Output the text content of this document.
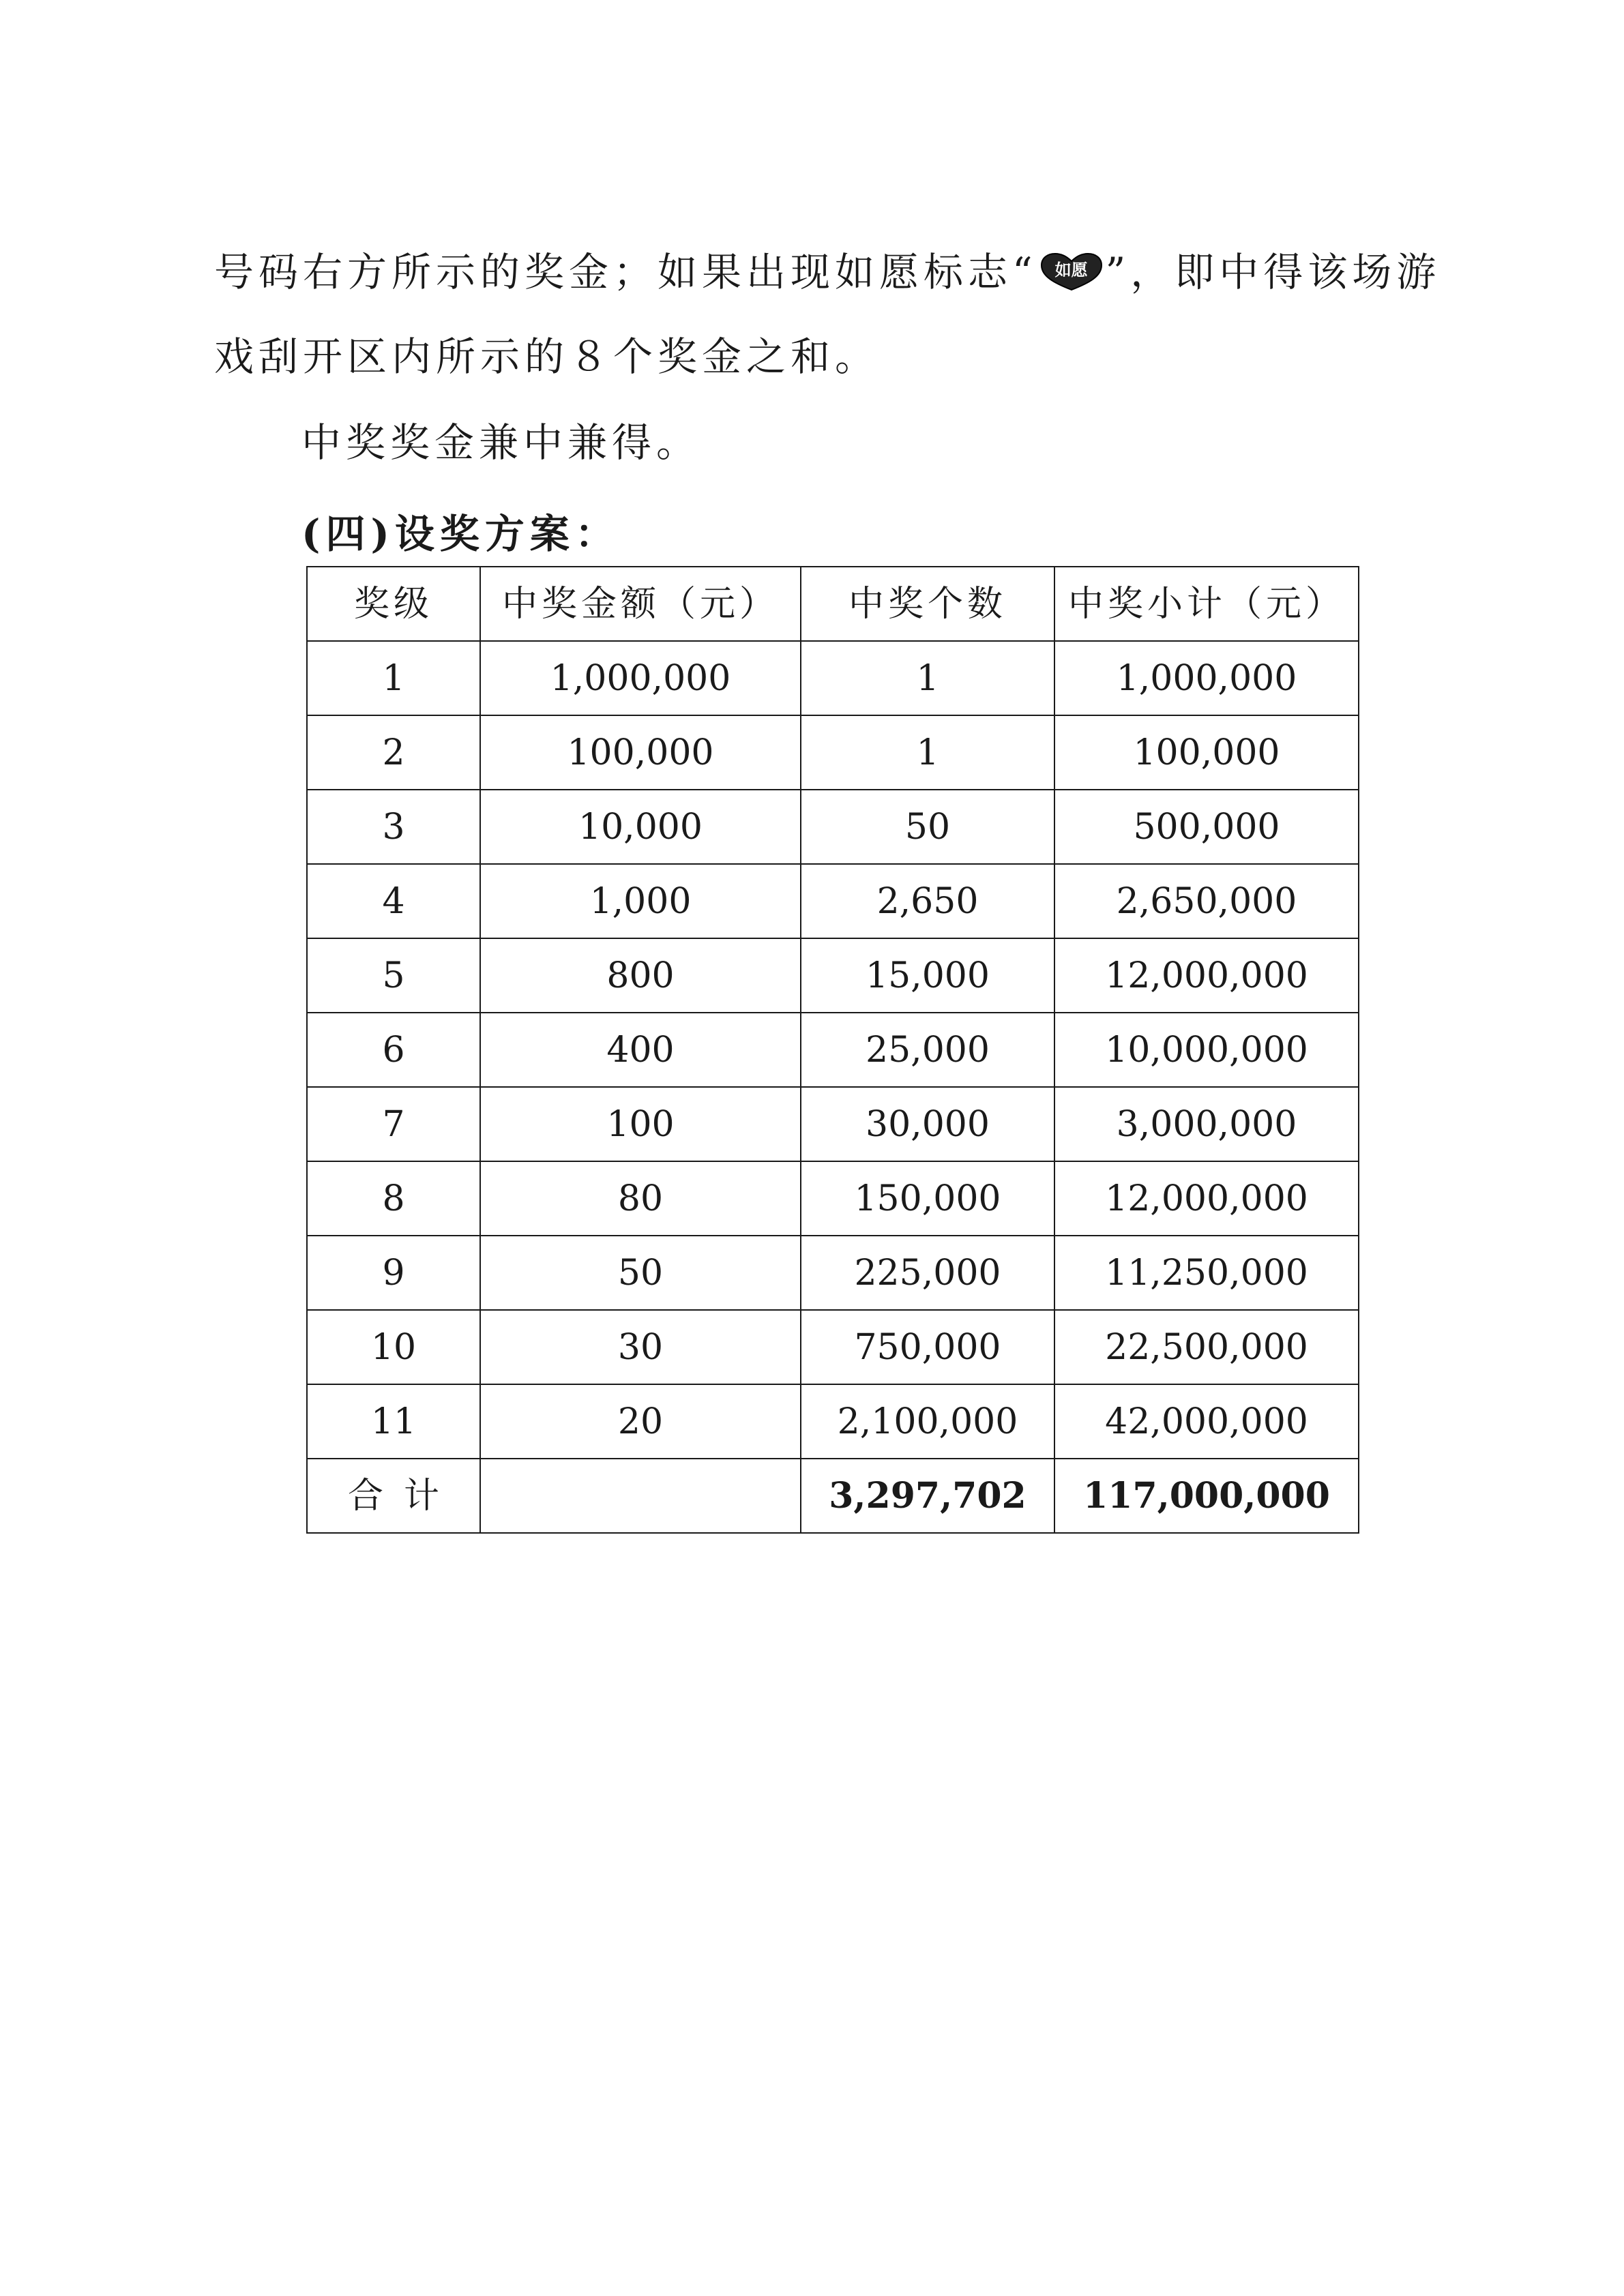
号码右方所示的奖金；如果出现如愿标志“	如愿 ”，即中得该场游

戏刮开区内所示的８个奖金之和。

中奖奖金兼中兼得。

(四)设奖方案：

奖级	中奖金额（元）	中奖个数	中奖小计（元）
1	1,000,000	1	1,000,000
2	100,000	1	100,000
3	10,000	50	500,000
4	1,000	2,650	2,650,000
5	800	15,000	12,000,000
6	400	25,000	10,000,000
7	100	30,000	3,000,000
8	80	150,000	12,000,000
9	50	225,000	11,250,000
10	30	750,000	22,500,000
11	20	2,100,000	42,000,000
合计		3,297,702	117,000,000
